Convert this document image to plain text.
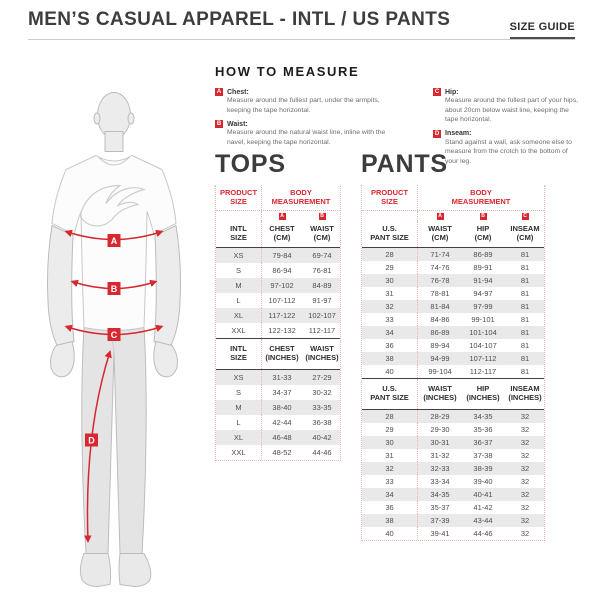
MEN’S CASUAL APPAREL - INTL / US PANTS	SIZE GUIDE
A
B
C
D
HOW TO MEASURE
A Chest:
Measure around the fullest part, under the armpits, keeping the tape horizontal.
B Waist:
Measure around the natural waist line, inline with the navel, keeping the tape horizontal.
C Hip:
Measure around the fullest part of your hips, about 20cm below waist line, keeping the tape horizontal.
D Inseam:
Stand against a wall, ask someone else to measure from the crotch to the bottom of your leg.
TOPS
PRODUCT
SIZE
BODY
MEASUREMENT
A	B
INTL
SIZE
CHEST
(CM)
WAIST
(CM)
XS	79-84	69-74
S	86-94	76-81
M	97-102	84-89
L	107-112	91-97
XL	117-122	102-107
XXL	122-132	112-117
INTL
SIZE
CHEST
(INCHES)
WAIST
(INCHES)
XS	31-33	27-29
S	34-37	30-32
M	38-40	33-35
L	42-44	36-38
XL	46-48	40-42
XXL	48-52	44-46
PANTS
PRODUCT
SIZE
BODY
MEASUREMENT
A	B	C
U.S.
PANT SIZE
WAIST
(CM)
HIP
(CM)
INSEAM
(CM)
28	71-74	86-89	81
29	74-76	89-91	81
30	76-78	91-94	81
31	78-81	94-97	81
32	81-84	97-99	81
33	84-86	99-101	81
34	86-89	101-104	81
36	89-94	104-107	81
38	94-99	107-112	81
40	99-104	112-117	81
U.S.
PANT SIZE
WAIST
(INCHES)
HIP
(INCHES)
INSEAM
(INCHES)
28	28-29	34-35	32
29	29-30	35-36	32
30	30-31	36-37	32
31	31-32	37-38	32
32	32-33	38-39	32
33	33-34	39-40	32
34	34-35	40-41	32
36	35-37	41-42	32
38	37-39	43-44	32
40	39-41	44-46	32
